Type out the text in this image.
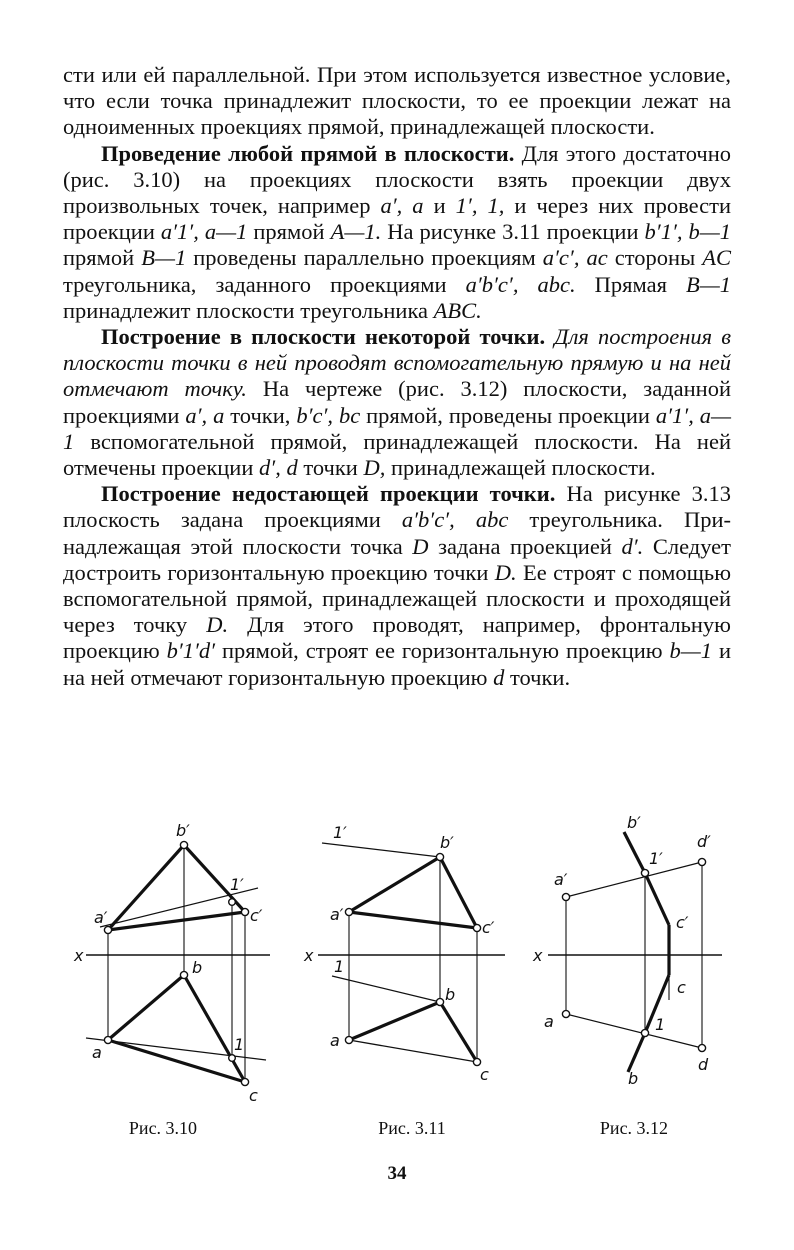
сти или ей параллельной. При этом используется известное условие, что если точка принадлежит плоскости, то ее проекции лежат на одноименных проекциях прямой, принадлежащей плоскости.

Проведение любой прямой в плоскости. Для этого достаточно (рис. 3.10) на проекциях плоскости взять проекции двух произвольных точек, например a′, a и 1′, 1, и через них провести проекции a′1′, a—1 прямой A—1. На рисунке 3.11 проекции b′1′, b—1 прямой B—1 проведены параллельно проекциям a′c′, ac стороны AC треугольника, заданного проекциями a′b′c′, abc. Прямая B—1 принадлежит плоскости треугольника ABC.

Построение в плоскости некоторой точки. Для построения в плоскости точки в ней проводят вспомогательную прямую и на ней отмечают точку. На чертеже (рис. 3.12) плоскости, заданной проекциями a′, a точки, b′c′, bc прямой, проведены проекции a′1′, a—1 вспомогательной прямой, принадлежащей плоскости. На ней отмечены проекции d′, d точки D, принадлежащей плоскости.

Построение недостающей проекции точки. На рисунке 3.13 плоскость задана проекциями a′b′c′, abc треугольника. Принадлежащая этой плоскости точка D задана проекцией d′. Следует достроить горизонтальную проекцию точки D. Ее строят с помощью вспомогательной прямой, принадлежащей плоскости и проходящей через точку D. Для этого проводят, например, фронтальную проекцию b′1′d′ прямой, строят ее горизонтальную проекцию b—1 и на ней отмечают горизонтальную проекцию d точки.

b′
1′
a′	c′
x
b
a	1
c
1′
b′
a′
c′
x
1
b
a
c
b′
d′
a′
1′
c′
x
c
a	1
b
d
Рис. 3.10	Рис. 3.11	Рис. 3.12
34
